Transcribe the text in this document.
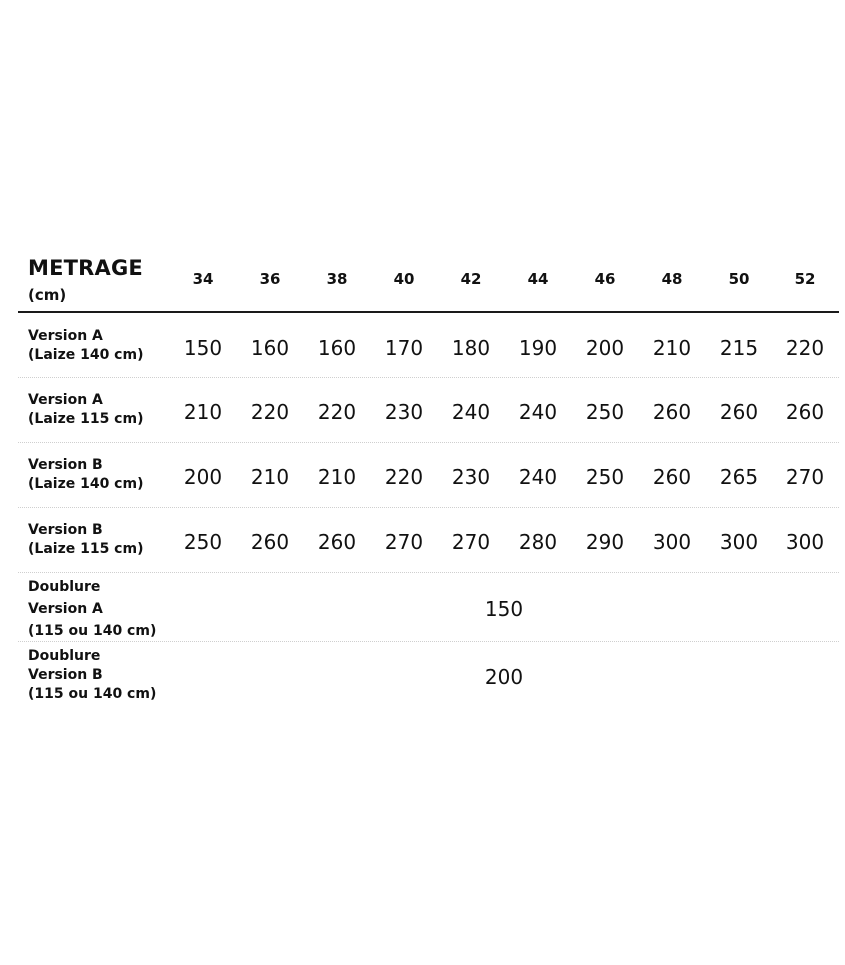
METRAGE
(cm)
34	36	38	40	42	44	46	48	50	52
Version A
(Laize 140 cm)	150	160	160	170	180	190	200	210	215	220
Version A
(Laize 115 cm)	210	220	220	230	240	240	250	260	260	260
Version B
(Laize 140 cm)	200	210	210	220	230	240	250	260	265	270
Version B
(Laize 115 cm)	250	260	260	270	270	280	290	300	300	300
Doublure
Version A
(115 ou 140 cm)
150
Doublure
Version B
(115 ou 140 cm)
200
